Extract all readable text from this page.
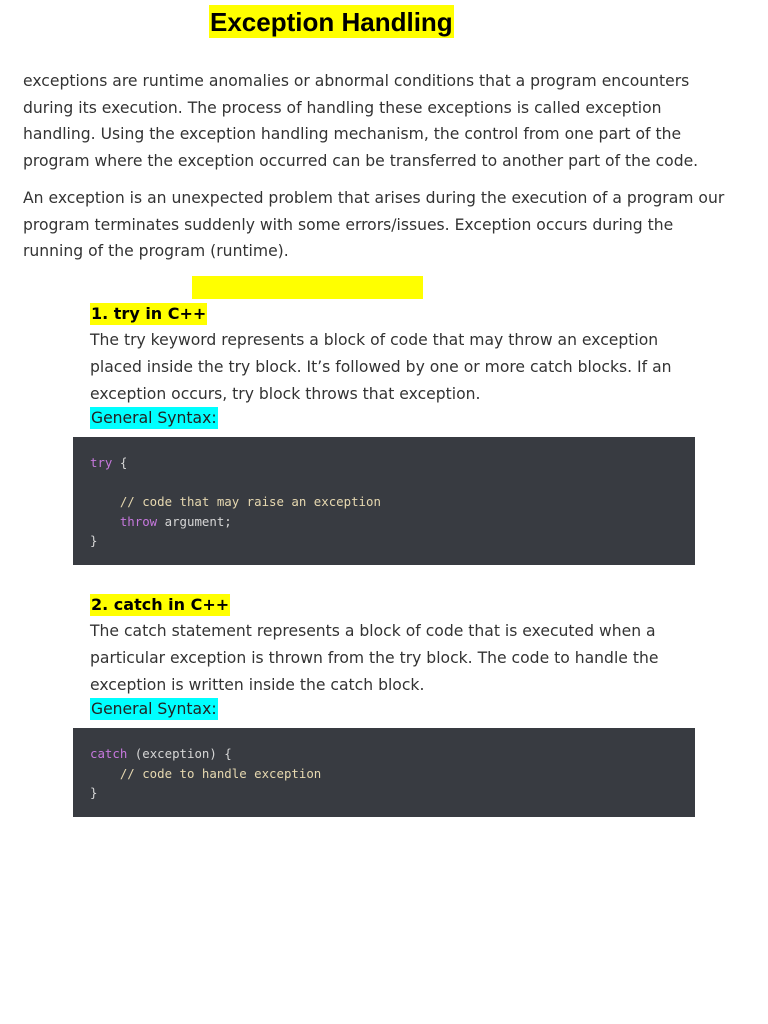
Exception Handling

exceptions are runtime anomalies or abnormal conditions that a program encounters during its execution. The process of handling these exceptions is called exception handling. Using the exception handling mechanism, the control from one part of the program where the exception occurred can be transferred to another part of the code.

An exception is an unexpected problem that arises during the execution of a program our program terminates suddenly with some errors/issues. Exception occurs during the running of the program (runtime).

1. try in C++

The try keyword represents a block of code that may throw an exception placed inside the try block. It’s followed by one or more catch blocks. If an exception occurs, try block throws that exception.

General Syntax:
try {
// code that may raise an exception
throw argument;
}
2. catch in C++

The catch statement represents a block of code that is executed when a particular exception is thrown from the try block. The code to handle the exception is written inside the catch block.

General Syntax:
catch (exception) {
// code to handle exception
}
